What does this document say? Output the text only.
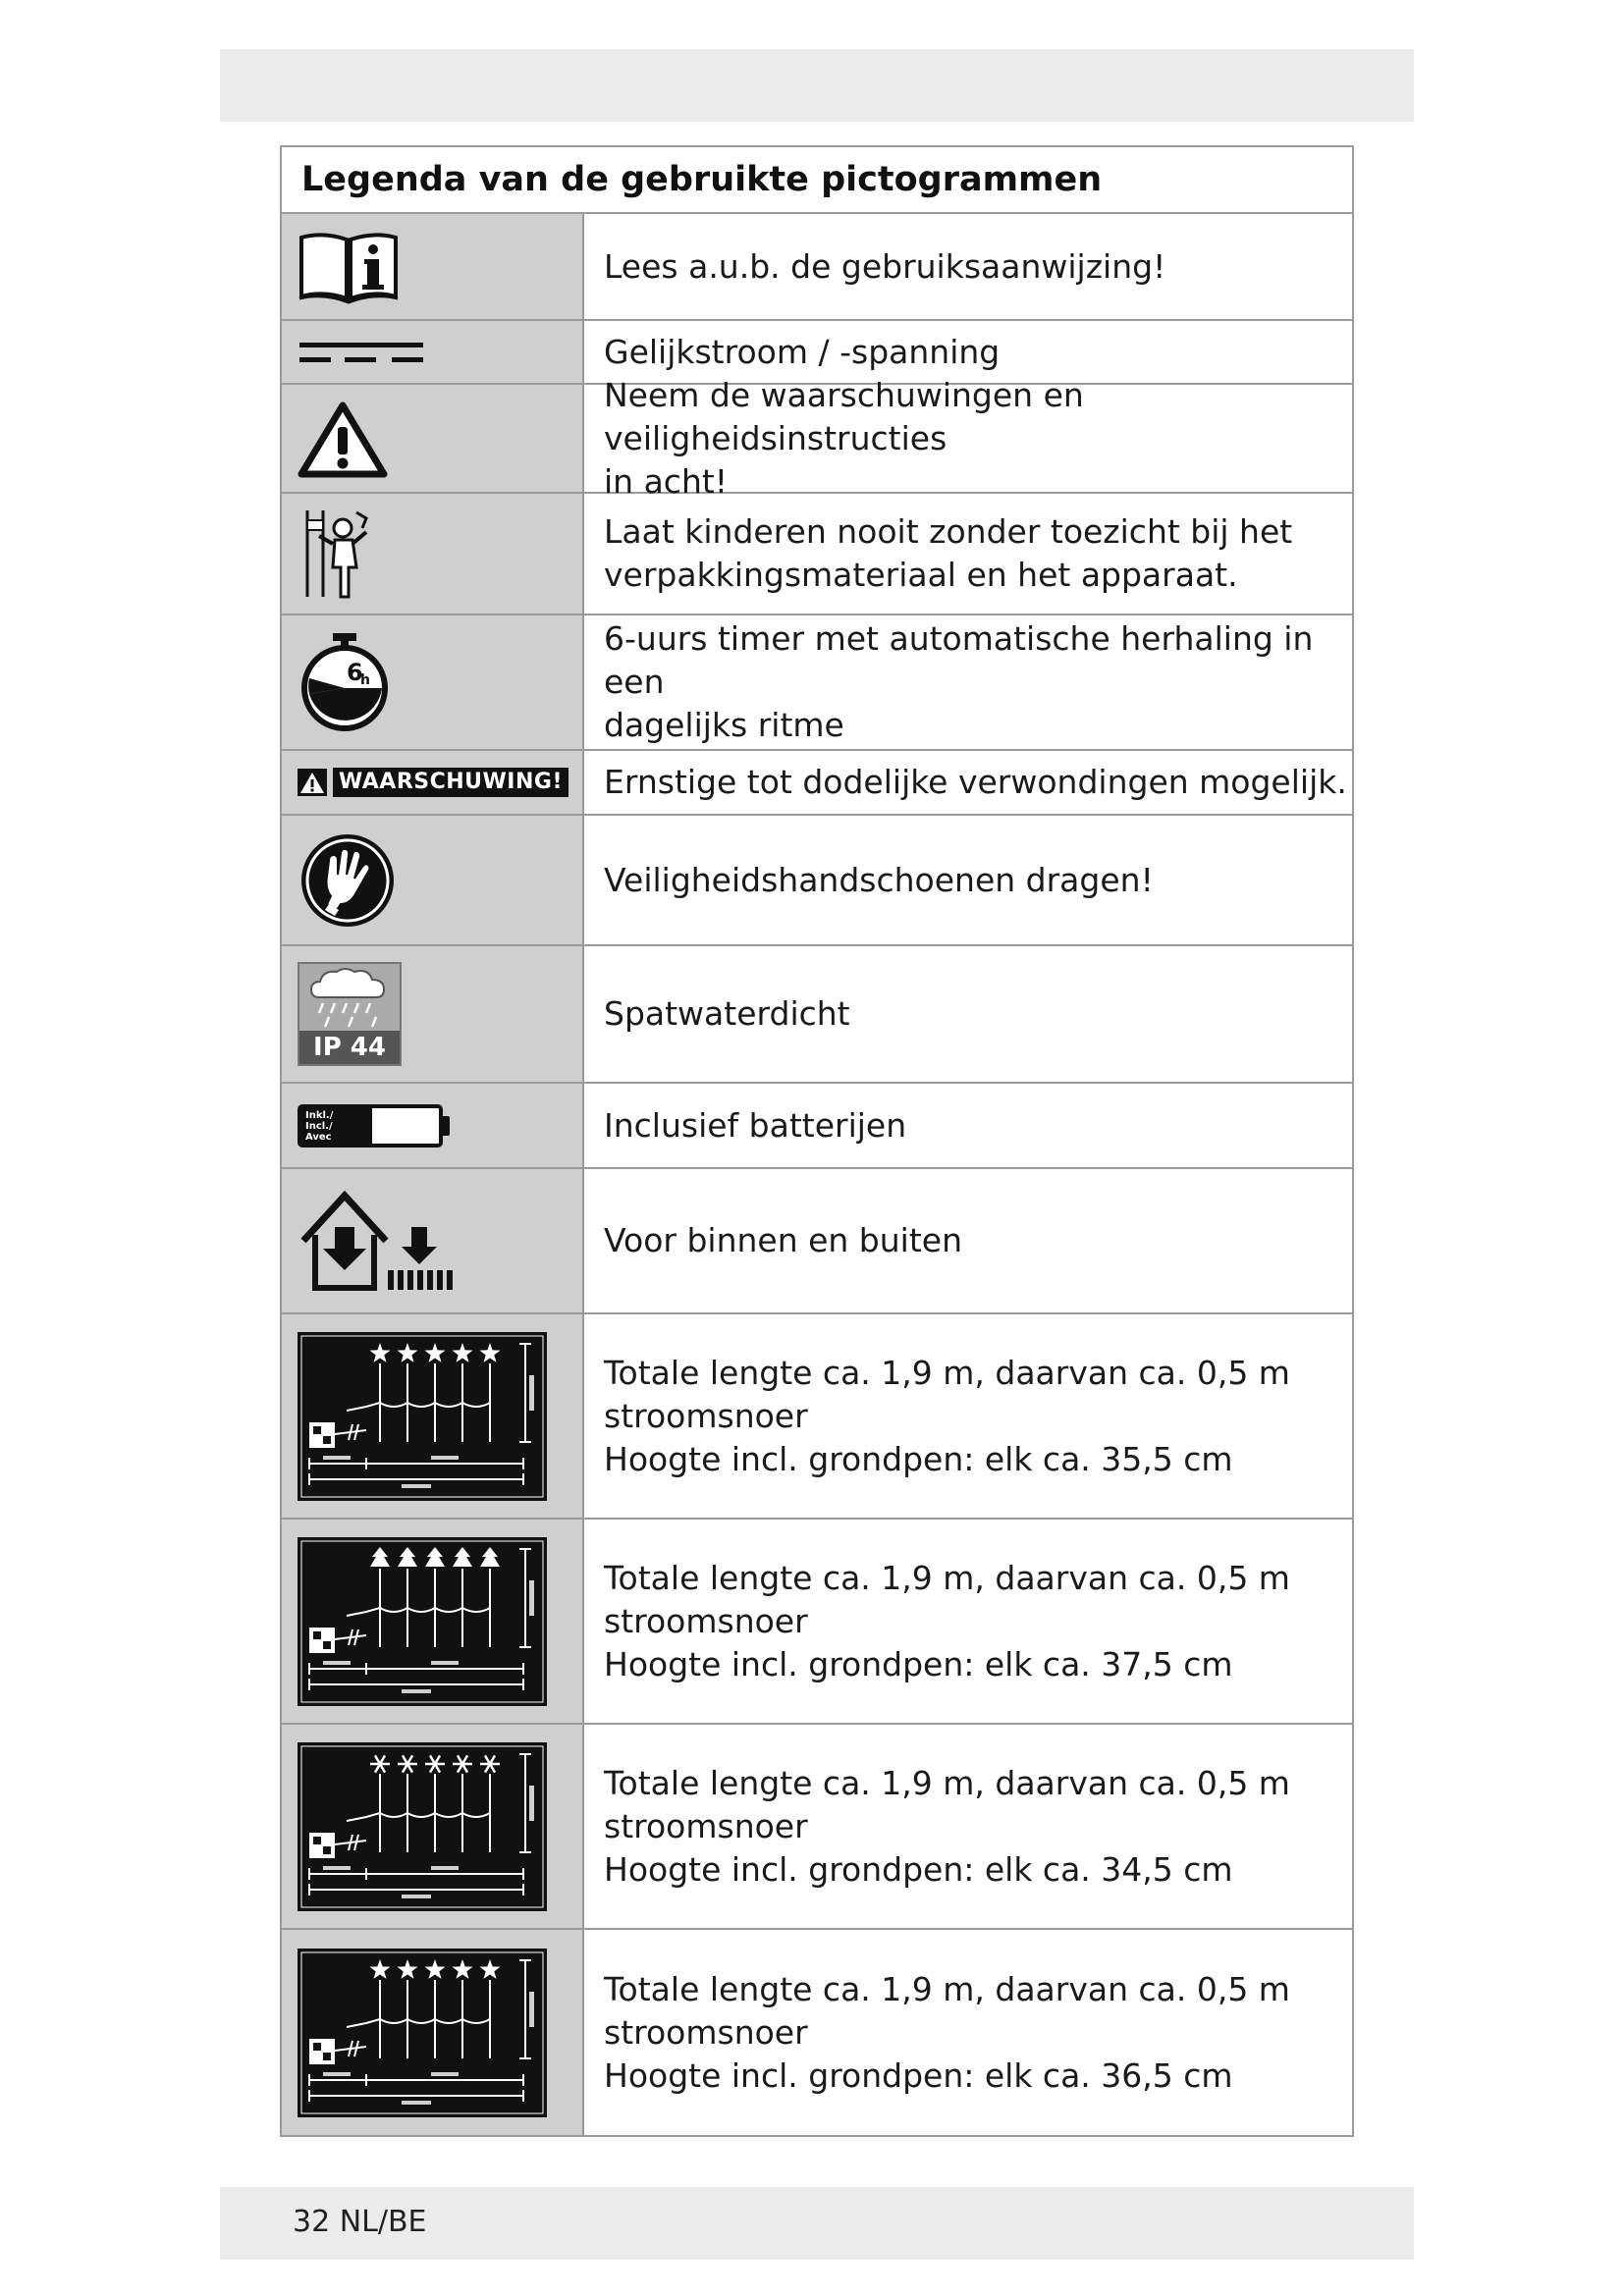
Legenda van de gebruikte pictogrammen
Lees a.u.b. de gebruiksaanwijzing!
Gelijkstroom / -spanning
Neem de waarschuwingen en veiligheidsinstructies
in acht!
Laat kinderen nooit zonder toezicht bij het
verpakkingsmateriaal en het apparaat.
6
h
6-uurs timer met automatische herhaling in een
dagelijks ritme
WAARSCHUWING! Ernstige tot dodelijke verwondingen mogelijk.
Veiligheidshandschoenen dragen!
IP 44
Spatwaterdicht
Inkl./
Incl./
Avec	Inclusief batterijen
Voor binnen en buiten
Totale lengte ca. 1,9 m, daarvan ca. 0,5 m
stroomsnoer
Hoogte incl. grondpen: elk ca. 35,5 cm
Totale lengte ca. 1,9 m, daarvan ca. 0,5 m
stroomsnoer
Hoogte incl. grondpen: elk ca. 37,5 cm
Totale lengte ca. 1,9 m, daarvan ca. 0,5 m
stroomsnoer
Hoogte incl. grondpen: elk ca. 34,5 cm
Totale lengte ca. 1,9 m, daarvan ca. 0,5 m
stroomsnoer
Hoogte incl. grondpen: elk ca. 36,5 cm
32 NL/BE
